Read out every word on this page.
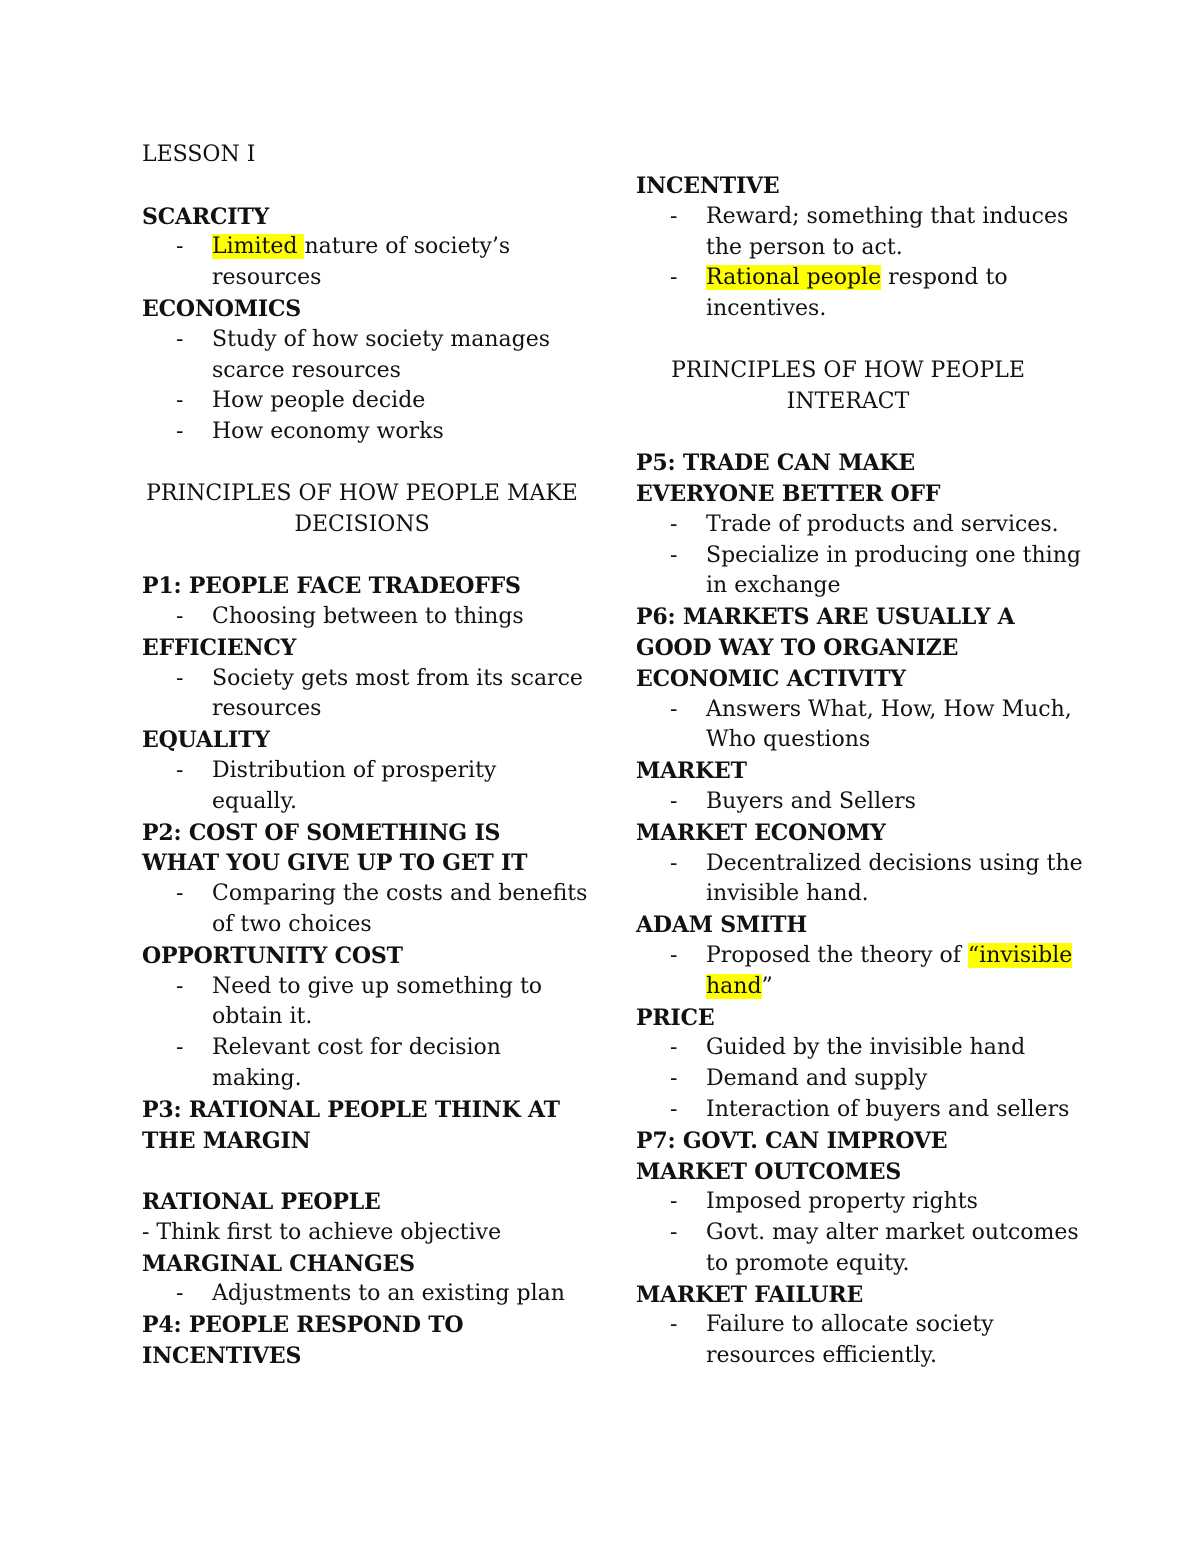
LESSON I
SCARCITY
- Limited nature of society’s
resources
ECONOMICS
- Study of how society manages
scarce resources
- How people decide
- How economy works
PRINCIPLES OF HOW PEOPLE MAKE
DECISIONS
P1: PEOPLE FACE TRADEOFFS
- Choosing between to things
EFFICIENCY
- Society gets most from its scarce
resources
EQUALITY
- Distribution of prosperity
equally.
P2: COST OF SOMETHING IS
WHAT YOU GIVE UP TO GET IT
- Comparing the costs and benefits
of two choices
OPPORTUNITY COST
- Need to give up something to
obtain it.
- Relevant cost for decision
making.
P3: RATIONAL PEOPLE THINK AT
THE MARGIN
RATIONAL PEOPLE
- Think first to achieve objective
MARGINAL CHANGES
- Adjustments to an existing plan
P4: PEOPLE RESPOND TO
INCENTIVES
INCENTIVE
- Reward; something that induces
the person to act.
- Rational people respond to
incentives.
PRINCIPLES OF HOW PEOPLE
INTERACT
P5: TRADE CAN MAKE
EVERYONE BETTER OFF
- Trade of products and services.
- Specialize in producing one thing
in exchange
P6: MARKETS ARE USUALLY A
GOOD WAY TO ORGANIZE
ECONOMIC ACTIVITY
- Answers What, How, How Much,
Who questions
MARKET
- Buyers and Sellers
MARKET ECONOMY
- Decentralized decisions using the
invisible hand.
ADAM SMITH
- Proposed the theory of “invisible
hand”
PRICE
- Guided by the invisible hand
- Demand and supply
- Interaction of buyers and sellers
P7: GOVT. CAN IMPROVE
MARKET OUTCOMES
- Imposed property rights
- Govt. may alter market outcomes
to promote equity.
MARKET FAILURE
- Failure to allocate society
resources efficiently.
